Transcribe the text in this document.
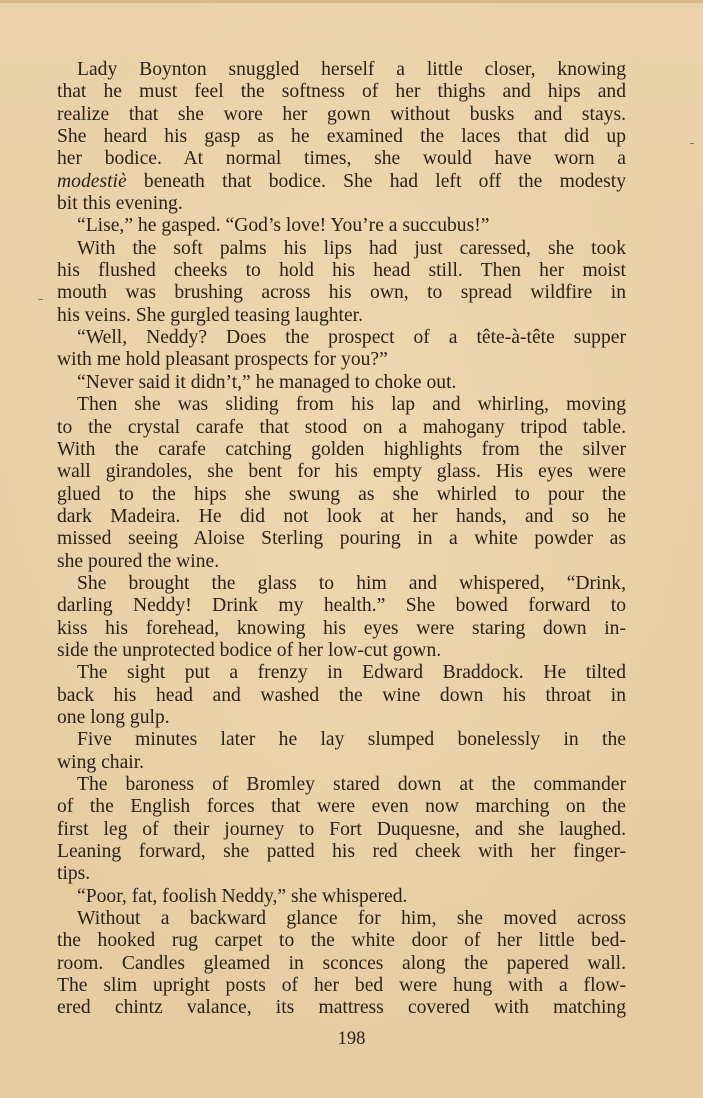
Lady Boynton snuggled herself a little closer, knowing
that he must feel the softness of her thighs and hips and
realize that she wore her gown without busks and stays.
She heard his gasp as he examined the laces that did up
her bodice. At normal times, she would have worn a
modestiè beneath that bodice. She had left off the modesty
bit this evening.
“Lise,” he gasped. “God’s love! You’re a succubus!”
With the soft palms his lips had just caressed, she took
his flushed cheeks to hold his head still. Then her moist
mouth was brushing across his own, to spread wildfire in
his veins. She gurgled teasing laughter.
“Well, Neddy? Does the prospect of a tête-à-tête supper
with me hold pleasant prospects for you?”
“Never said it didn’t,” he managed to choke out.
Then she was sliding from his lap and whirling, moving
to the crystal carafe that stood on a mahogany tripod table.
With the carafe catching golden highlights from the silver
wall girandoles, she bent for his empty glass. His eyes were
glued to the hips she swung as she whirled to pour the
dark Madeira. He did not look at her hands, and so he
missed seeing Aloise Sterling pouring in a white powder as
she poured the wine.
She brought the glass to him and whispered, “Drink,
darling Neddy! Drink my health.” She bowed forward to
kiss his forehead, knowing his eyes were staring down in-
side the unprotected bodice of her low-cut gown.
The sight put a frenzy in Edward Braddock. He tilted
back his head and washed the wine down his throat in
one long gulp.
Five minutes later he lay slumped bonelessly in the
wing chair.
The baroness of Bromley stared down at the commander
of the English forces that were even now marching on the
first leg of their journey to Fort Duquesne, and she laughed.
Leaning forward, she patted his red cheek with her finger-
tips.
“Poor, fat, foolish Neddy,” she whispered.
Without a backward glance for him, she moved across
the hooked rug carpet to the white door of her little bed-
room. Candles gleamed in sconces along the papered wall.
The slim upright posts of her bed were hung with a flow-
ered chintz valance, its mattress covered with matching
198
